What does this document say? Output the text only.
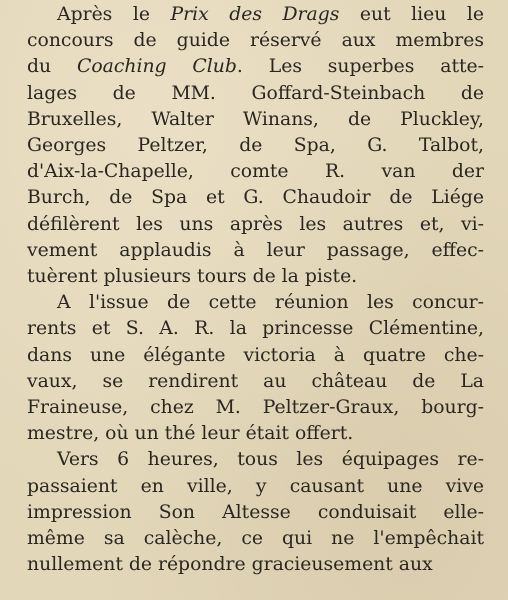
Après le Prix des Drags eut lieu le
concours de guide réservé aux membres
du Coaching Club. Les superbes atte-
lages de MM. Goffard-Steinbach de
Bruxelles, Walter Winans, de Pluckley,
Georges Peltzer, de Spa, G. Talbot,
d'Aix-la-Chapelle, comte R. van der
Burch, de Spa et G. Chaudoir de Liége
défilèrent les uns après les autres et, vi-
vement applaudis à leur passage, effec-
tuèrent plusieurs tours de la piste.
A l'issue de cette réunion les concur-
rents et S. A. R. la princesse Clémentine,
dans une élégante victoria à quatre che-
vaux, se rendirent au château de La
Fraineuse, chez M. Peltzer-Graux, bourg-
mestre, où un thé leur était offert.
Vers 6 heures, tous les équipages re-
passaient en ville, y causant une vive
impression Son Altesse conduisait elle-
même sa calèche, ce qui ne l'empêchait
nullement de répondre gracieusement aux
